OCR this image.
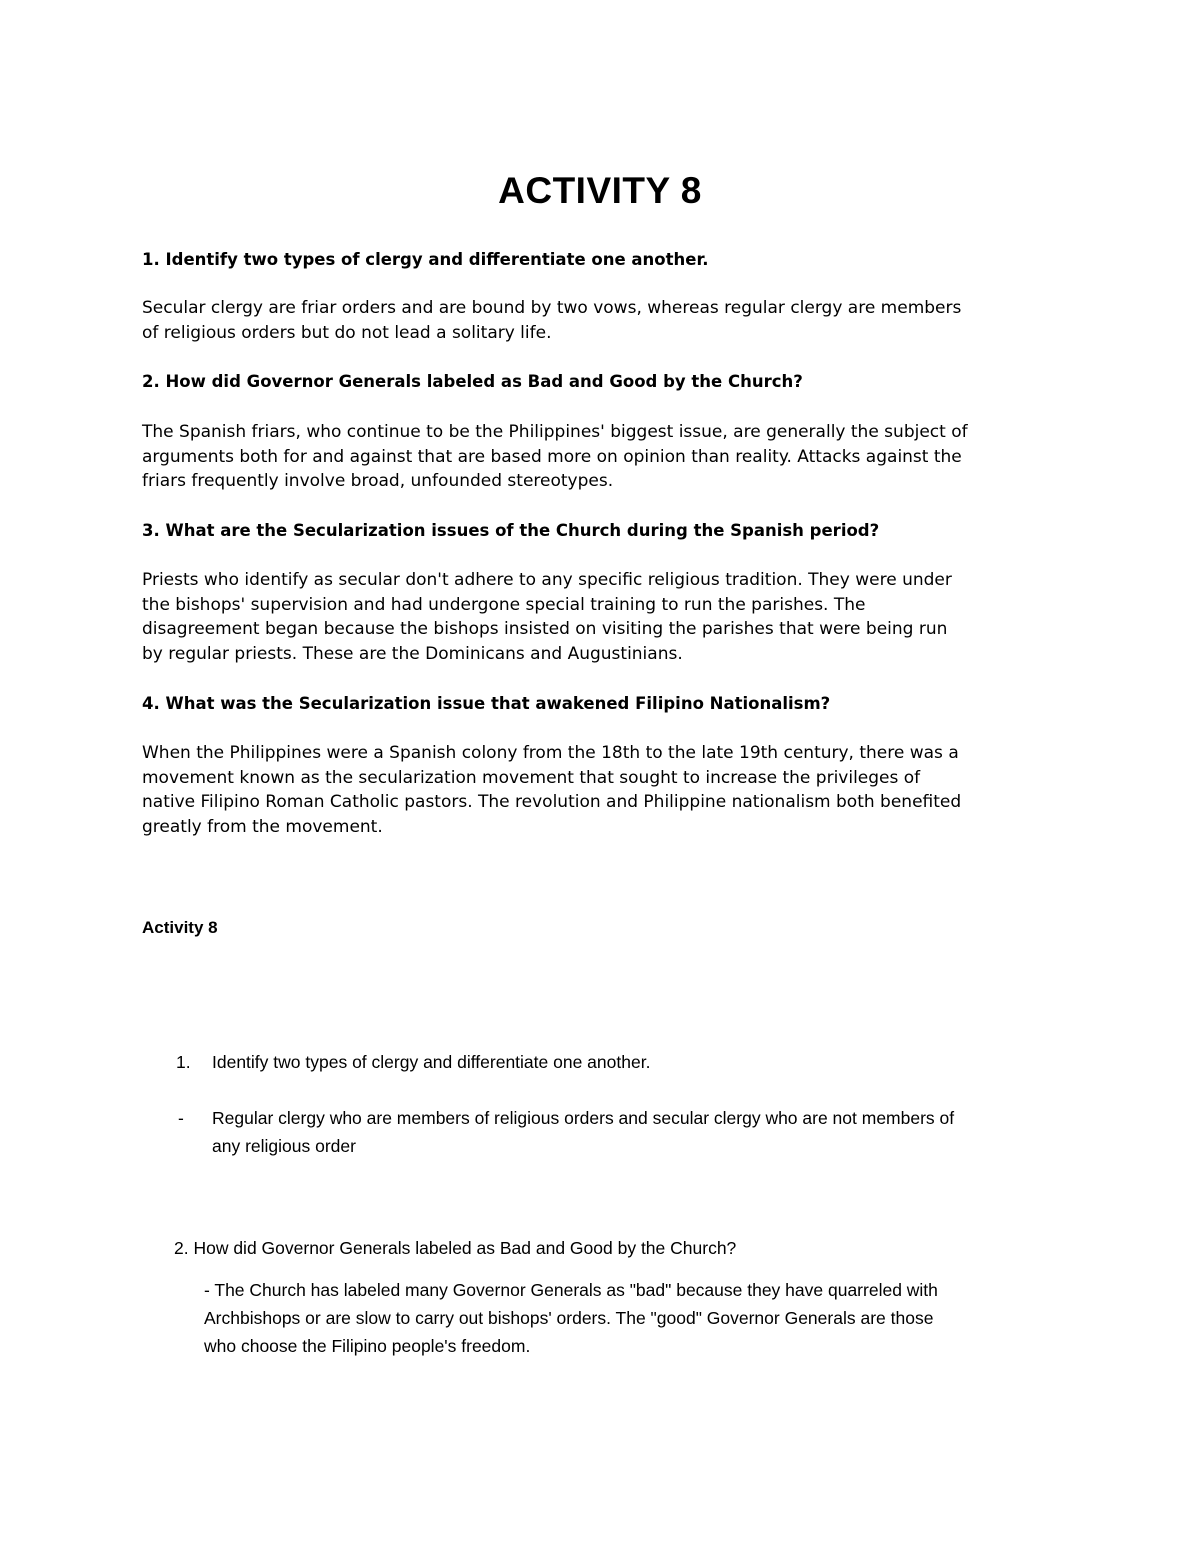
ACTIVITY 8
1. Identify two types of clergy and differentiate one another.
Secular clergy are friar orders and are bound by two vows, whereas regular clergy are members
of religious orders but do not lead a solitary life.
2. How did Governor Generals labeled as Bad and Good by the Church?
The Spanish friars, who continue to be the Philippines' biggest issue, are generally the subject of
arguments both for and against that are based more on opinion than reality. Attacks against the
friars frequently involve broad, unfounded stereotypes.
3. What are the Secularization issues of the Church during the Spanish period?
Priests who identify as secular don't adhere to any specific religious tradition. They were under
the bishops' supervision and had undergone special training to run the parishes. The
disagreement began because the bishops insisted on visiting the parishes that were being run
by regular priests. These are the Dominicans and Augustinians.
4. What was the Secularization issue that awakened Filipino Nationalism?
When the Philippines were a Spanish colony from the 18th to the late 19th century, there was a
movement known as the secularization movement that sought to increase the privileges of
native Filipino Roman Catholic pastors. The revolution and Philippine nationalism both benefited
greatly from the movement.
Activity 8
1. Identify two types of clergy and differentiate one another.
- Regular clergy who are members of religious orders and secular clergy who are not members of
any religious order
2. How did Governor Generals labeled as Bad and Good by the Church?
- The Church has labeled many Governor Generals as "bad" because they have quarreled with
Archbishops or are slow to carry out bishops' orders. The "good" Governor Generals are those
who choose the Filipino people's freedom.
